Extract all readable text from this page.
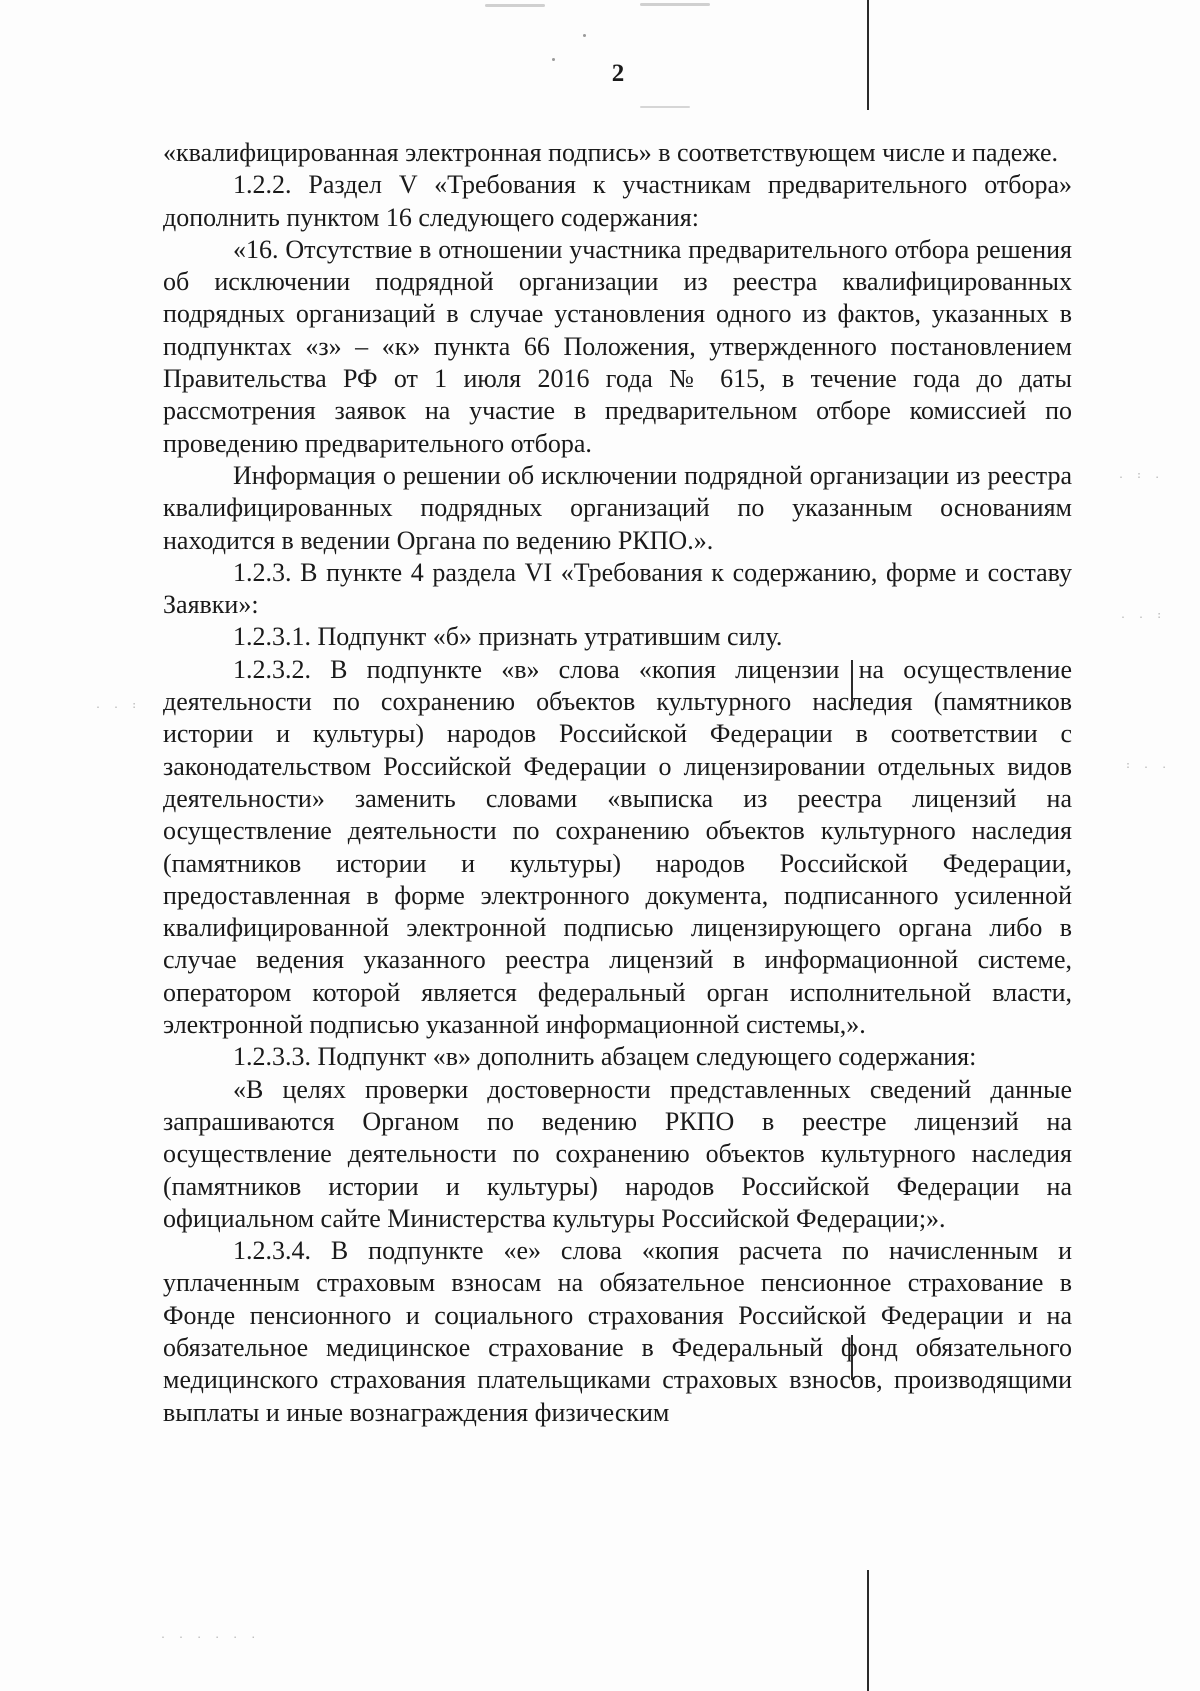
. : .
. . :
: . .
. . :
. . . . . .
2

«квалифицированная электронная подпись» в соответствующем числе и падеже.

1.2.2. Раздел V «Требования к участникам предварительного отбора» дополнить пунктом 16 следующего содержания:

«16. Отсутствие в отношении участника предварительного отбора решения об исключении подрядной организации из реестра квалифицированных подрядных организаций в случае установления одного из фактов, указанных в подпунктах «з» – «к» пункта 66 Положения, утвержденного постановлением Правительства РФ от 1 июля 2016 года № 615, в течение года до даты рассмотрения заявок на участие в предварительном отборе комиссией по проведению предварительного отбора.

Информация о решении об исключении подрядной организации из реестра квалифицированных подрядных организаций по указанным основаниям находится в ведении Органа по ведению РКПО.».

1.2.3. В пункте 4 раздела VI «Требования к содержанию, форме и составу Заявки»:

1.2.3.1. Подпункт «б» признать утратившим силу.

1.2.3.2. В подпункте «в» слова «копия лицензии на осуществление деятельности по сохранению объектов культурного наследия (памятников истории и культуры) народов Российской Федерации в соответствии с законодательством Российской Федерации о лицензировании отдельных видов деятельности» заменить словами «выписка из реестра лицензий на осуществление деятельности по сохранению объектов культурного наследия (памятников истории и культуры) народов Российской Федерации, предоставленная в форме электронного документа, подписанного усиленной квалифицированной электронной подписью лицензирующего органа либо в случае ведения указанного реестра лицензий в информационной системе, оператором которой является федеральный орган исполнительной власти, электронной подписью указанной информационной системы,».

1.2.3.3. Подпункт «в» дополнить абзацем следующего содержания:

«В целях проверки достоверности представленных сведений данные запрашиваются Органом по ведению РКПО в реестре лицензий на осуществление деятельности по сохранению объектов культурного наследия (памятников истории и культуры) народов Российской Федерации на официальном сайте Министерства культуры Российской Федерации;».

1.2.3.4. В подпункте «е» слова «копия расчета по начисленным и уплаченным страховым взносам на обязательное пенсионное страхование в Фонде пенсионного и социального страхования Российской Федерации и на обязательное медицинское страхование в Федеральный фонд обязательного медицинского страхования плательщиками страховых взносов, производящими выплаты и иные вознаграждения физическим
